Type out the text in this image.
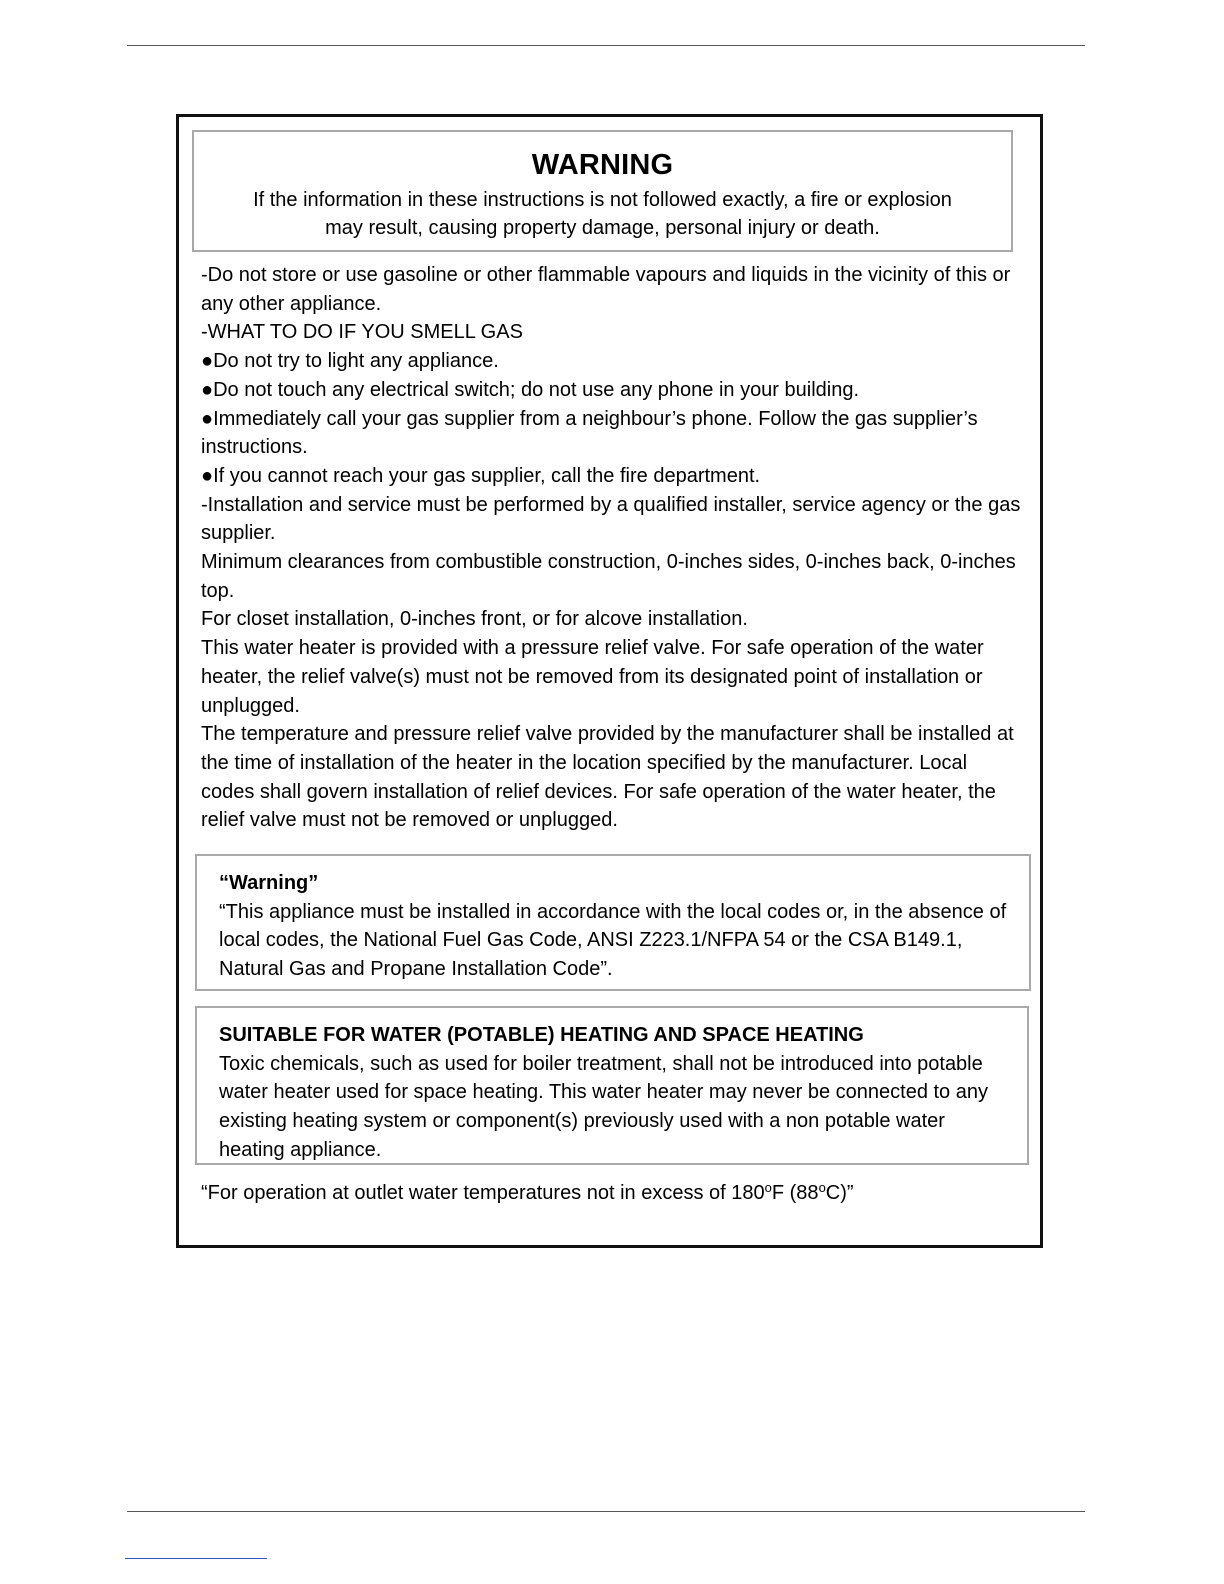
WARNING
If the information in these instructions is not followed exactly, a fire or explosion
may result, causing property damage, personal injury or death.

-Do not store or use gasoline or other flammable vapours and liquids in the vicinity of this or any other appliance.

-WHAT TO DO IF YOU SMELL GAS

●Do not try to light any appliance.

●Do not touch any electrical switch; do not use any phone in your building.

●Immediately call your gas supplier from a neighbour’s phone. Follow the gas supplier’s instructions.

●If you cannot reach your gas supplier, call the fire department.

-Installation and service must be performed by a qualified installer, service agency or the gas supplier.

Minimum clearances from combustible construction, 0-inches sides, 0-inches back, 0-inches top.

For closet installation, 0-inches front, or for alcove installation.

This water heater is provided with a pressure relief valve. For safe operation of the water heater, the relief valve(s) must not be removed from its designated point of installation or unplugged.

The temperature and pressure relief valve provided by the manufacturer shall be installed at the time of installation of the heater in the location specified by the manufacturer. Local codes shall govern installation of relief devices. For safe operation of the water heater, the relief valve must not be removed or unplugged.

“Warning”
“This appliance must be installed in accordance with the local codes or, in the absence of local codes, the National Fuel Gas Code, ANSI Z223.1/NFPA 54 or the CSA B149.1, Natural Gas and Propane Installation Code”.
SUITABLE FOR WATER (POTABLE) HEATING AND SPACE HEATING
Toxic chemicals, such as used for boiler treatment, shall not be introduced into potable water heater used for space heating. This water heater may never be connected to any existing heating system or component(s) previously used with a non potable water heating appliance.
“For operation at outlet water temperatures not in excess of 180$^o$F (88$^o$C)”
